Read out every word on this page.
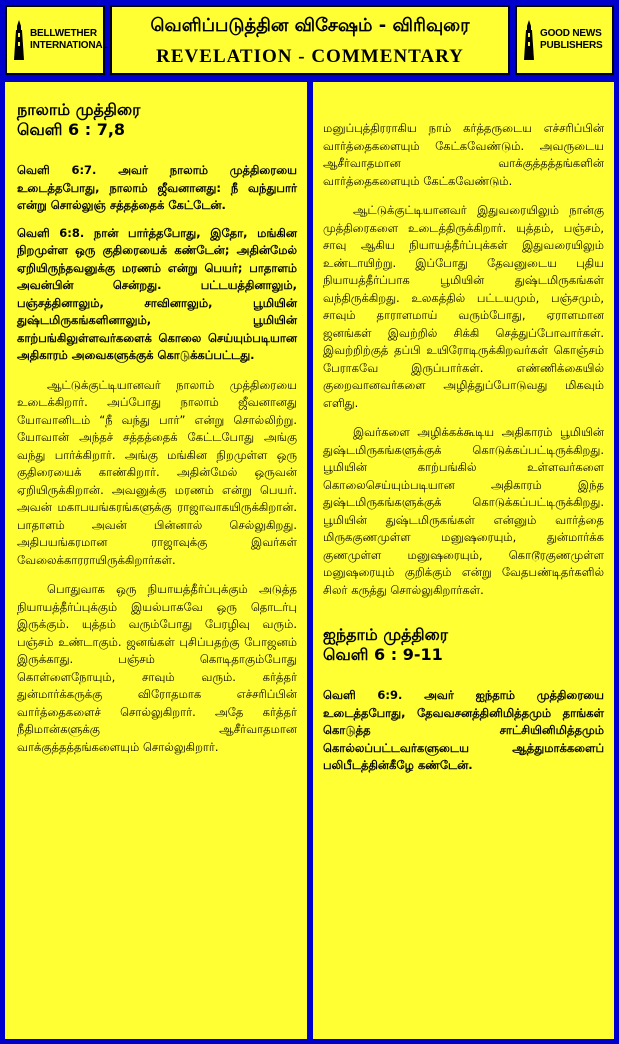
BELLWETHER
INTERNATIONAL
வெளிப்படுத்தின விசேஷம் - விரிவுரை
REVELATION - COMMENTARY
GOOD NEWS
PUBLISHERS
நாலாம் முத்திரை
வெளி 6 : 7,8

வெளி 6:7. அவர் நாலாம் முத்திரையை உடைத்தபோது, நாலாம் ஜீவனானது: நீ வந்துபார் என்று சொல்லுஞ் சத்தத்தைக் கேட்டேன்.

வெளி 6:8. நான் பார்த்தபோது, இதோ, மங்கின நிறமுள்ள ஒரு குதிரையைக் கண்டேன்; அதின்மேல் ஏறியிருந்தவனுக்கு மரணம் என்று பெயர்; பாதாளம் அவன்பின் சென்றது. பட்டயத்தினாலும், பஞ்சத்தினாலும், சாவினாலும், பூமியின் துஷ்டமிருகங்களினாலும், பூமியின் காற்பங்கிலுள்ளவர்களைக் கொலை செய்யும்படியான அதிகாரம் அவைகளுக்குக் கொடுக்கப்பட்டது.

ஆட்டுக்குட்டியானவர் நாலாம் முத்திரையை உடைக்கிறார். அப்போது நாலாம் ஜீவனானது யோவானிடம் “நீ வந்து பார்” என்று சொல்லிற்று. யோவான் அந்தச் சத்தத்தைக் கேட்டபோது அங்கு வந்து பார்க்கிறார். அங்கு மங்கின நிறமுள்ள ஒரு குதிரையைக் காண்கிறார். அதின்மேல் ஒருவன் ஏறியிருக்கிறான். அவனுக்கு மரணம் என்று பெயர். அவன் மகாபயங்கரங்களுக்கு ராஜாவாகயிருக்கிறான். பாதாளம் அவன் பின்னால் செல்லுகிறது. அதிபயங்கரமான ராஜாவுக்கு இவர்கள் வேலைக்காரராயிருக்கிறார்கள்.

பொதுவாக ஒரு நியாயத்தீர்ப்புக்கும் அடுத்த நியாயத்தீர்ப்புக்கும் இயல்பாகவே ஒரு தொடர்பு இருக்கும். யுத்தம் வரும்போது பேரழிவு வரும். பஞ்சம் உண்டாகும். ஜனங்கள் புசிப்பதற்கு போஜனம் இருக்காது. பஞ்சம் கொடிதாகும்போது கொள்ளைநோயும், சாவும் வரும். கர்த்தர் துன்மார்க்கருக்கு விரோதமாக எச்சரிப்பின் வார்த்தைகளைச் சொல்லுகிறார். அதே கர்த்தர் நீதிமான்களுக்கு ஆசீர்வாதமான வாக்குத்தத்தங்களையும் சொல்லுகிறார்.

மனுப்புத்திரராகிய நாம் கர்த்தருடைய எச்சரிப்பின் வார்த்தைகளையும் கேட்கவேண்டும். அவருடைய ஆசீர்வாதமான வாக்குத்தத்தங்களின் வார்த்தைகளையும் கேட்கவேண்டும்.

ஆட்டுக்குட்டியானவர் இதுவரையிலும் நான்கு முத்திரைகளை உடைத்திருக்கிறார். யுத்தம், பஞ்சம், சாவு ஆகிய நியாயத்தீர்ப்புக்கள் இதுவரையிலும் உண்டாயிற்று. இப்போது தேவனுடைய புதிய நியாயத்தீர்ப்பாக பூமியின் துஷ்டமிருகங்கள் வந்திருக்கிறது. உலகத்தில் பட்டயமும், பஞ்சமும், சாவும் தாராளமாய் வரும்போது, ஏராளமான ஜனங்கள் இவற்றில் சிக்கி செத்துப்போவார்கள். இவற்றிற்குத் தப்பி உயிரோடிருக்கிறவர்கள் கொஞ்சம் பேராகவே இருப்பார்கள். எண்ணிக்கையில் குறைவானவர்களை அழித்துப்போடுவது மிகவும் எளிது.

இவர்களை அழிக்கக்கூடிய அதிகாரம் பூமியின் துஷ்டமிருகங்களுக்குக் கொடுக்கப்பட்டிருக்கிறது. பூமியின் காற்பங்கில் உள்ளவர்களை கொலைசெய்யும்படியான அதிகாரம் இந்த துஷ்டமிருகங்களுக்குக் கொடுக்கப்பட்டிருக்கிறது. பூமியின் துஷ்டமிருகங்கள் என்னும் வார்த்தை மிருககுணமுள்ள மனுஷரையும், துன்மார்க்க குணமுள்ள மனுஷரையும், கொடூரகுணமுள்ள மனுஷரையும் குறிக்கும் என்று வேதபண்டிதர்களில் சிலர் கருத்து சொல்லுகிறார்கள்.

ஐந்தாம் முத்திரை
வெளி 6 : 9-11

வெளி 6:9. அவர் ஐந்தாம் முத்திரையை உடைத்தபோது, தேவவசனத்தினிமித்தமும் தாங்கள் கொடுத்த சாட்சியினிமித்தமும் கொல்லப்பட்டவர்களுடைய ஆத்துமாக்களைப் பலிபீடத்தின்கீழே கண்டேன்.
